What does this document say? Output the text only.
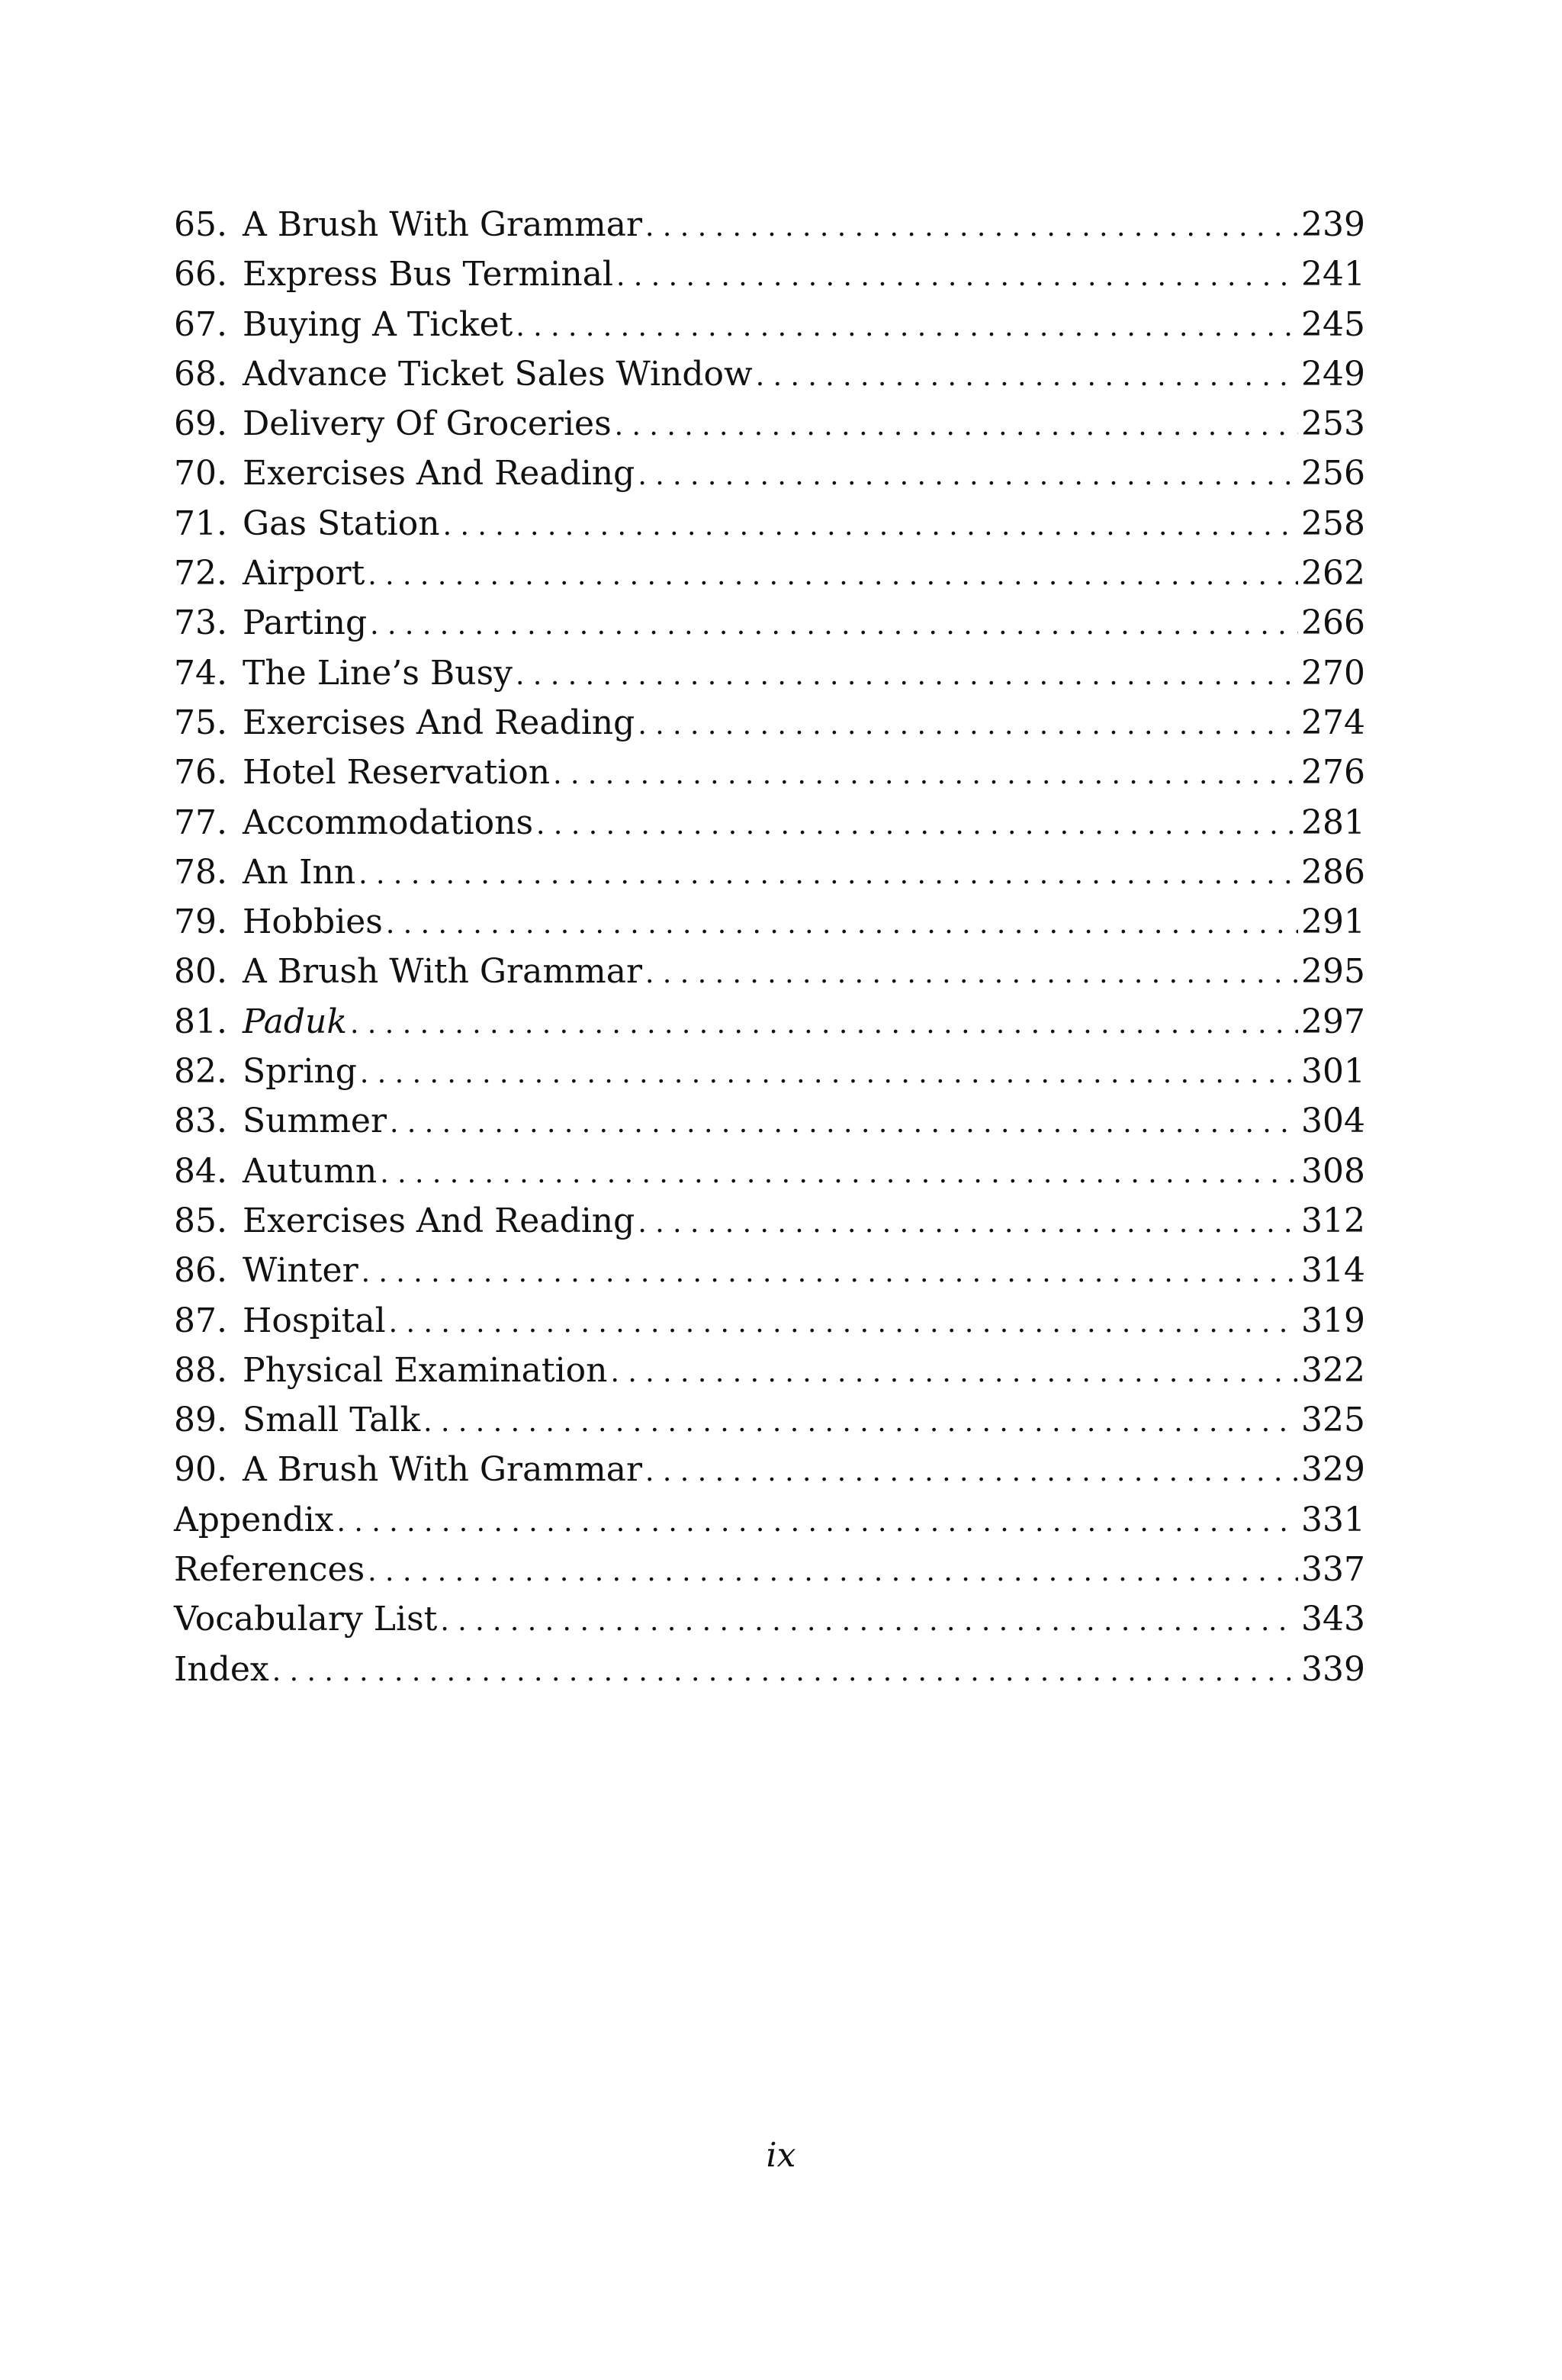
65. A Brush With Grammar . . .	239
66. Express Bus Terminal . . .	241
67. Buying A Ticket . . .	245
68. Advance Ticket Sales Window . . .	249
69. Delivery Of Groceries . . .	253
70. Exercises And Reading . . .	256
71. Gas Station . . .	258
72. Airport . . .	262
73. Parting . . .	266
74. The Line’s Busy . . .	270
75. Exercises And Reading . . .	274
76. Hotel Reservation . . .	276
77. Accommodations . . .	281
78. An Inn . . .	286
79. Hobbies . . .	291
80. A Brush With Grammar . . .	295
81. Paduk . . .	297
82. Spring . . .	301
83. Summer . . .	304
84. Autumn . . .	308
85. Exercises And Reading . . .	312
86. Winter . . .	314
87. Hospital . . .	319
88. Physical Examination . . .	322
89. Small Talk . . .	325
90. A Brush With Grammar . . .	329
Appendix . . .	331
References . . .	337
Vocabulary List . . .	343
Index . . .	339
ix
